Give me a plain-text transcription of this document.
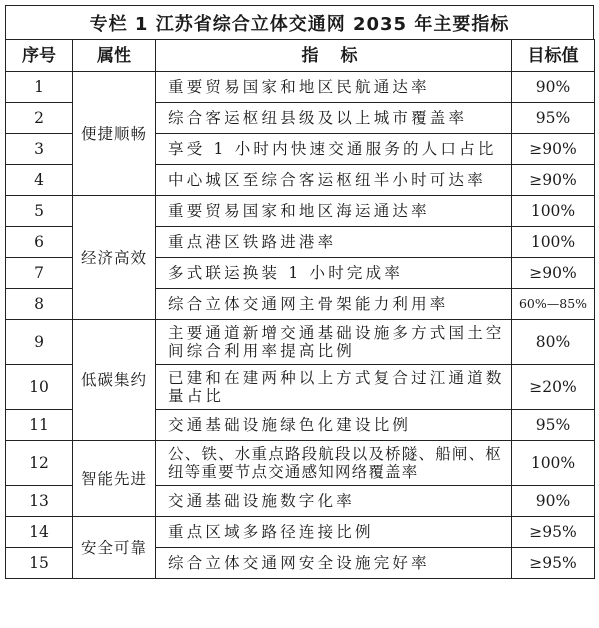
专栏 1 江苏省综合立体交通网 2035 年主要指标
序号	属性	指 标	目标值
1	便捷顺畅	重要贸易国家和地区民航通达率	90%
2		综合客运枢纽县级及以上城市覆盖率	95%
3		享受 1 小时内快速交通服务的人口占比	≥90%
4		中心城区至综合客运枢纽半小时可达率	≥90%
5	经济高效	重要贸易国家和地区海运通达率	100%
6		重点港区铁路进港率	100%
7		多式联运换装 1 小时完成率	≥90%
8		综合立体交通网主骨架能力利用率	60%—85%
9	低碳集约	主要通道新增交通基础设施多方式国土空间综合利用率提高比例	80%
10		已建和在建两种以上方式复合过江通道数量占比	≥20%
11		交通基础设施绿色化建设比例	95%
12	智能先进	公、铁、水重点路段航段以及桥隧、船闸、枢纽等重要节点交通感知网络覆盖率	100%
13		交通基础设施数字化率	90%
14	安全可靠	重点区域多路径连接比例	≥95%
15		综合立体交通网安全设施完好率	≥95%
